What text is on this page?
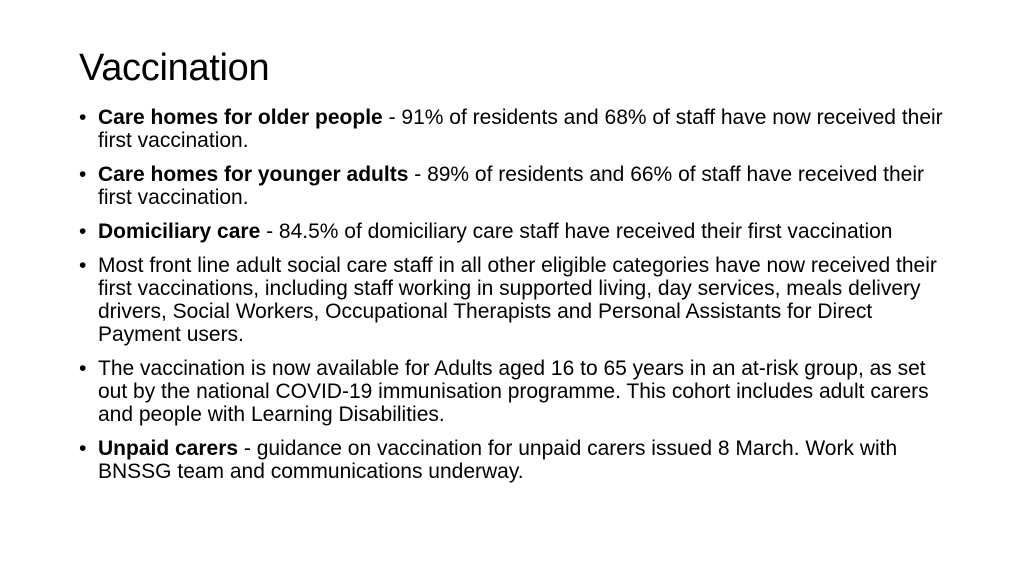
Vaccination
• Care homes for older people - 91% of residents and 68% of staff have now received their first vaccination.
• Care homes for younger adults - 89% of residents and 66% of staff have received their first vaccination.
• Domiciliary care - 84.5% of domiciliary care staff have received their first vaccination
• Most front line adult social care staff in all other eligible categories have now received their first vaccinations, including staff working in supported living, day services, meals delivery drivers, Social Workers, Occupational Therapists and Personal Assistants for Direct Payment users.
• The vaccination is now available for Adults aged 16 to 65 years in an at-risk group, as set out by the national COVID-19 immunisation programme. This cohort includes adult carers and people with Learning Disabilities.
• Unpaid carers - guidance on vaccination for unpaid carers issued 8 March. Work with BNSSG team and communications underway.
